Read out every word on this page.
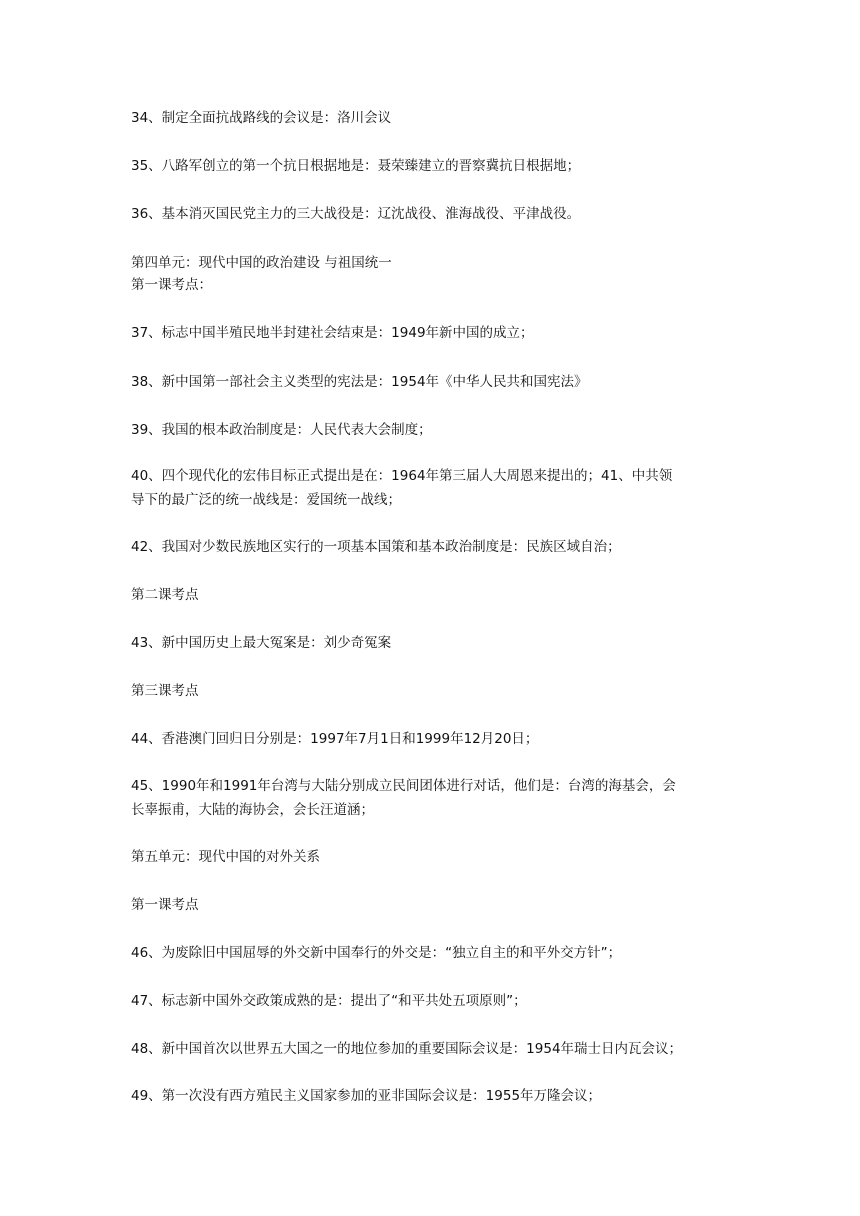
34、制定全面抗战路线的会议是：洛川会议
35、八路军创立的第一个抗日根据地是：聂荣臻建立的晋察冀抗日根据地；
36、基本消灭国民党主力的三大战役是：辽沈战役、淮海战役、平津战役。
第四单元：现代中国的政治建设 与祖国统一
第一课考点：
37、标志中国半殖民地半封建社会结束是：1949年新中国的成立；
38、新中国第一部社会主义类型的宪法是：1954年《中华人民共和国宪法》
39、我国的根本政治制度是：人民代表大会制度；
40、四个现代化的宏伟目标正式提出是在：1964年第三届人大周恩来提出的；41、中共领
导下的最广泛的统一战线是：爱国统一战线；
42、我国对少数民族地区实行的一项基本国策和基本政治制度是：民族区域自治；
第二课考点
43、新中国历史上最大冤案是：刘少奇冤案
第三课考点
44、香港澳门回归日分别是：1997年7月1日和1999年12月20日；
45、1990年和1991年台湾与大陆分别成立民间团体进行对话，他们是：台湾的海基会，会
长辜振甫，大陆的海协会，会长汪道涵；
第五单元：现代中国的对外关系
第一课考点
46、为废除旧中国屈辱的外交新中国奉行的外交是：“独立自主的和平外交方针”；
47、标志新中国外交政策成熟的是：提出了“和平共处五项原则”；
48、新中国首次以世界五大国之一的地位参加的重要国际会议是：1954年瑞士日内瓦会议；
49、第一次没有西方殖民主义国家参加的亚非国际会议是：1955年万隆会议；
